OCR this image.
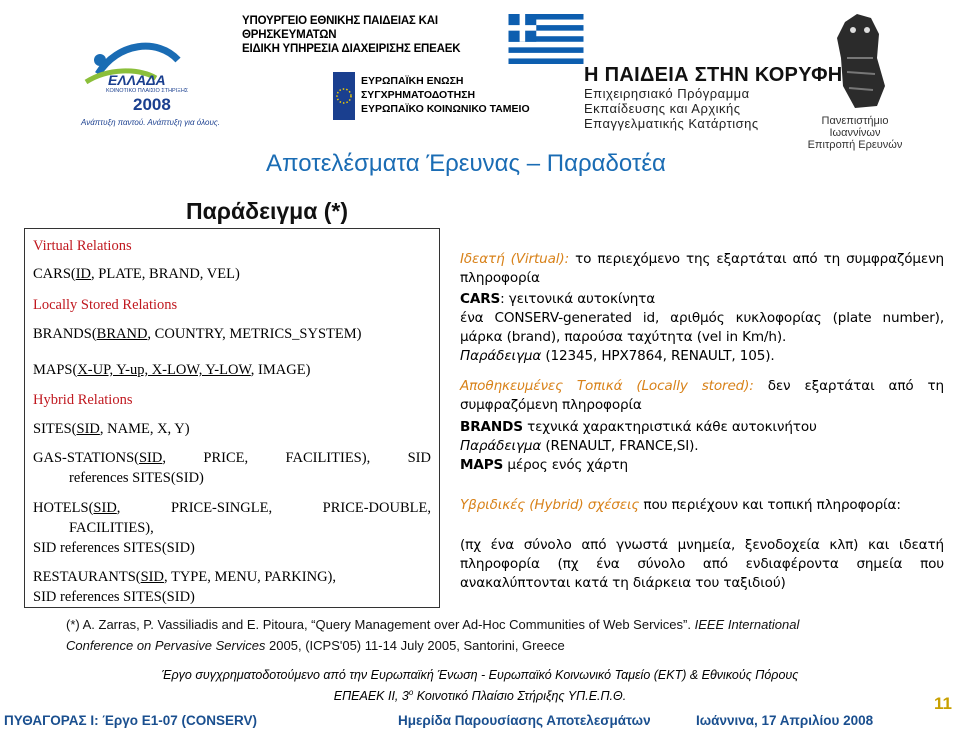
ΕΛΛΑΔΑ
ΚΟΙΝΟΤΙΚΟ ΠΛΑΙΣΙΟ ΣΤΗΡΙΞΗΣ
2008
Ανάπτυξη παντού. Ανάπτυξη για όλους.
ΥΠΟΥΡΓΕΙΟ ΕΘΝΙΚΗΣ ΠΑΙΔΕΙΑΣ ΚΑΙ ΘΡΗΣΚΕΥΜΑΤΩΝ
ΕΙΔΙΚΗ ΥΠΗΡΕΣΙΑ ΔΙΑΧΕΙΡΙΣΗΣ ΕΠΕΑΕΚ
ΕΥΡΩΠΑΪΚΗ ΕΝΩΣΗ
ΣΥΓΧΡΗΜΑΤΟΔΟΤΗΣΗ
ΕΥΡΩΠΑΪΚΟ ΚΟΙΝΩΝΙΚΟ ΤΑΜΕΙΟ
Η ΠΑΙΔΕΙΑ ΣΤΗΝ ΚΟΡΥΦΗ
Επιχειρησιακό Πρόγραμμα
Εκπαίδευσης και Αρχικής
Επαγγελματικής Κατάρτισης	Πανεπιστήμιο
Ιωαννίνων
Επιτροπή Ερευνών
Αποτελέσματα Έρευνας – Παραδοτέα
Παράδειγμα (*)
Virtual Relations
CARS(ID, PLATE, BRAND, VEL)
Locally Stored Relations
BRANDS(BRAND, COUNTRY, METRICS_SYSTEM)
MAPS(X-UP, Y-up, X-LOW, Y-LOW, IMAGE)
Hybrid Relations
SITES(SID, NAME, X, Y)
GAS-STATIONS(SID,	PRICE,	FACILITIES),	SID
references SITES(SID)
HOTELS(SID,	PRICE-SINGLE,	PRICE-DOUBLE,
FACILITIES),
SID references SITES(SID)
RESTAURANTS(SID, TYPE, MENU, PARKING),
SID references SITES(SID)
Ιδεατή (Virtual): το περιεχόμενο της εξαρτάται από τη συμφραζόμενη πληροφορία
CARS: γειτονικά αυτοκίνητα
ένα CONSERV-generated id, αριθμός κυκλοφορίας (plate number), μάρκα (brand), παρούσα ταχύτητα (vel in Km/h).
Παράδειγμα (12345, HPX7864, RENAULT, 105).
Αποθηκευμένες Τοπικά (Locally stored): δεν εξαρτάται από τη συμφραζόμενη πληροφορία
BRANDS τεχνικά χαρακτηριστικά κάθε αυτοκινήτου
Παράδειγμα (RENAULT, FRANCE,SI).
MAPS μέρος ενός χάρτη
Υβριδικές (Hybrid) σχέσεις που περιέχουν και τοπική πληροφορία:
(πχ ένα σύνολο από γνωστά μνημεία, ξενοδοχεία κλπ) και ιδεατή πληροφορία (πχ ένα σύνολο από ενδιαφέροντα σημεία που ανακαλύπτονται κατά τη διάρκεια του ταξιδιού)
(*) A. Zarras, P. Vassiliadis and E. Pitoura, “Query Management over Ad-Hoc Communities of Web Services”. IEEE International
Conference on Pervasive Services 2005, (ICPS'05) 11-14 July 2005, Santorini, Greece
Έργο συγχρηματοδοτούμενο από την Ευρωπαϊκή Ένωση - Ευρωπαϊκό Κοινωνικό Ταμείο (ΕΚΤ) & Εθνικούς Πόρους
ΕΠΕΑΕΚ ΙΙ, $3^o$ Κοινοτικό Πλαίσιο Στήριξης ΥΠ.Ε.Π.Θ.	11
ΠΥΘΑΓΟΡΑΣ Ι: Έργο Ε1-07 (CONSERV)	Ημερίδα Παρουσίασης Αποτελεσμάτων	Ιωάννινα, 17 Απριλίου 2008
